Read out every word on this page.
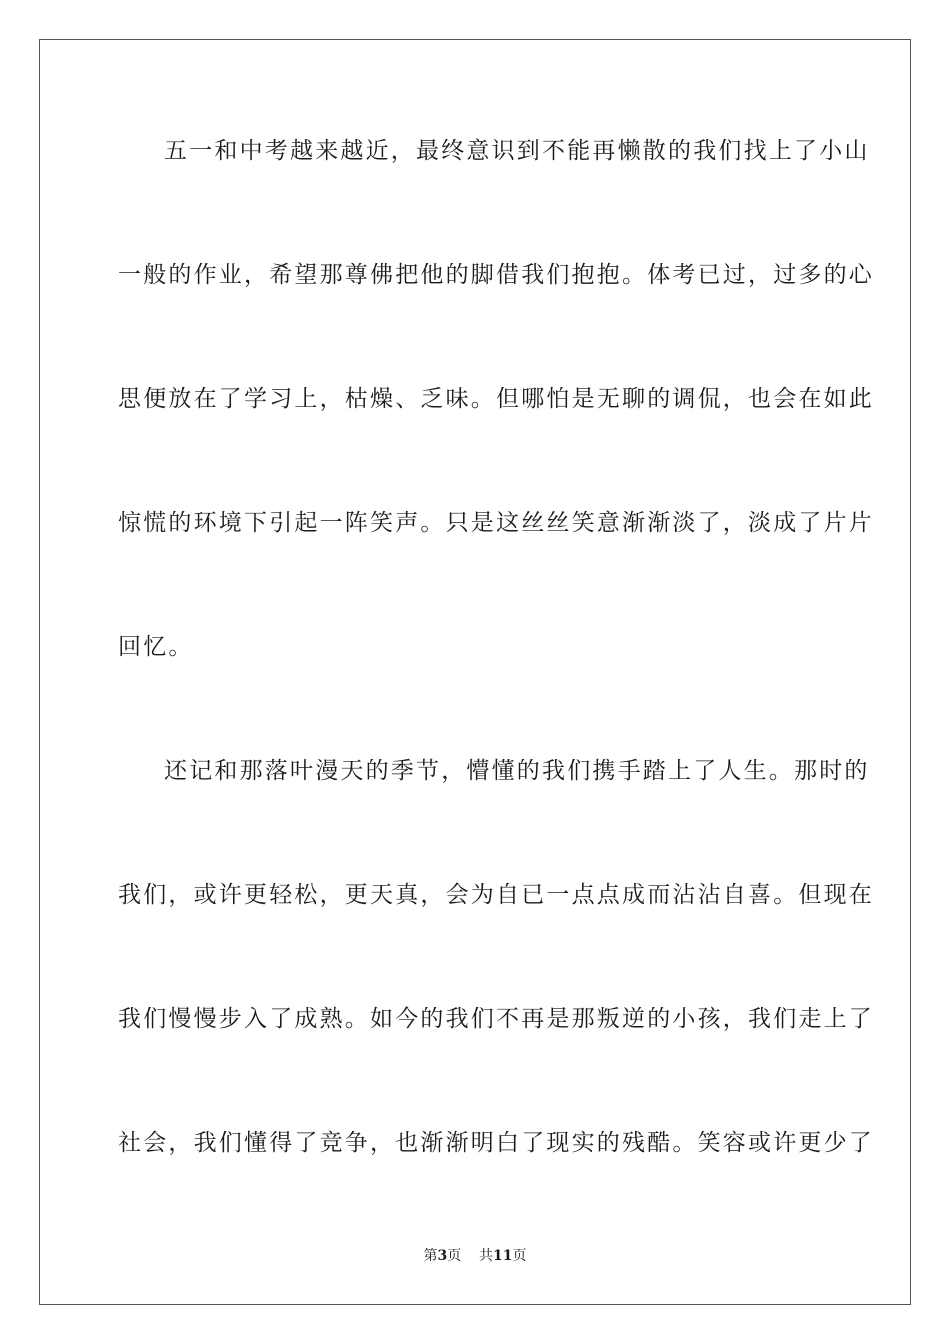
五一和中考越来越近，最终意识到不能再懒散的我们找上了小山
一般的作业，希望那尊佛把他的脚借我们抱抱。体考已过，过多的心
思便放在了学习上，枯燥、乏味。但哪怕是无聊的调侃，也会在如此
惊慌的环境下引起一阵笑声。只是这丝丝笑意渐渐淡了，淡成了片片
回忆。
还记和那落叶漫天的季节，懵懂的我们携手踏上了人生。那时的
我们，或许更轻松，更天真，会为自已一点点成而沾沾自喜。但现在
我们慢慢步入了成熟。如今的我们不再是那叛逆的小孩，我们走上了
社会，我们懂得了竞争，也渐渐明白了现实的残酷。笑容或许更少了
第3页 共11页
